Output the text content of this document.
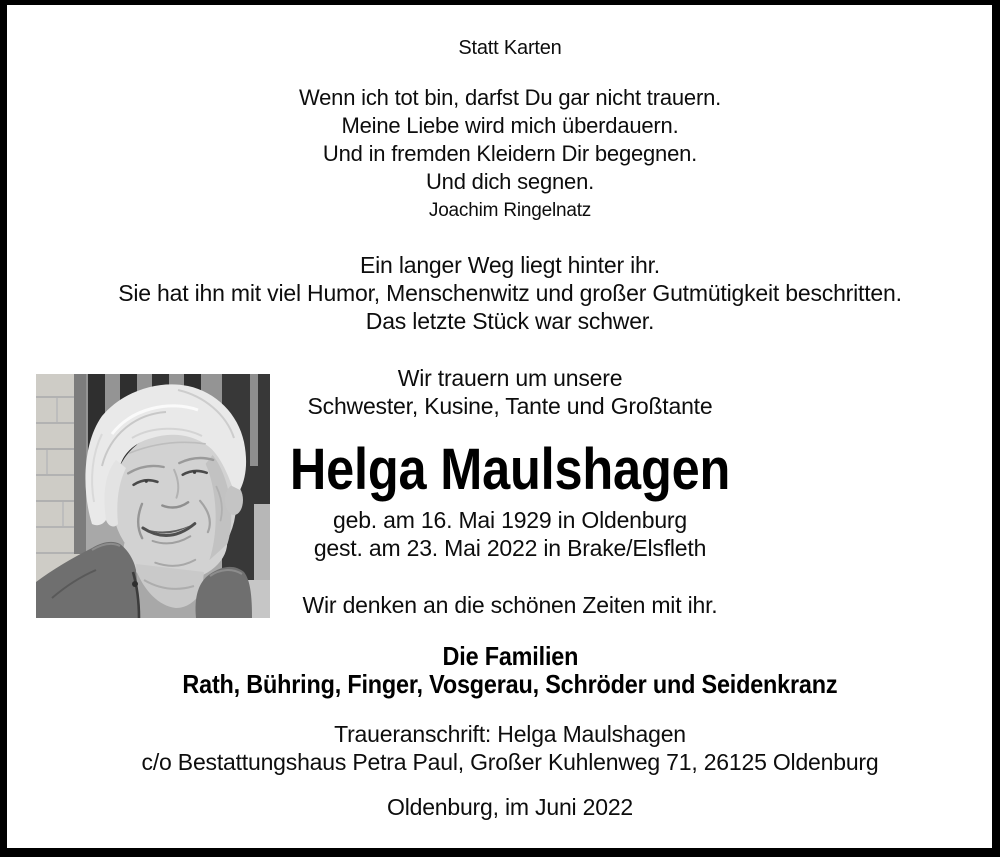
Statt Karten
Wenn ich tot bin, darfst Du gar nicht trauern.
Meine Liebe wird mich überdauern.
Und in fremden Kleidern Dir begegnen.
Und dich segnen.
Joachim Ringelnatz
Ein langer Weg liegt hinter ihr.
Sie hat ihn mit viel Humor, Menschenwitz und großer Gutmütigkeit beschritten.
Das letzte Stück war schwer.
Wir trauern um unsere
Schwester, Kusine, Tante und Großtante
Helga Maulshagen
geb. am 16. Mai 1929 in Oldenburg
gest. am 23. Mai 2022 in Brake/Elsfleth
Wir denken an die schönen Zeiten mit ihr.
Die Familien
Rath, Bühring, Finger, Vosgerau, Schröder und Seidenkranz
Traueranschrift: Helga Maulshagen
c/o Bestattungshaus Petra Paul, Großer Kuhlenweg 71, 26125 Oldenburg
Oldenburg, im Juni 2022
